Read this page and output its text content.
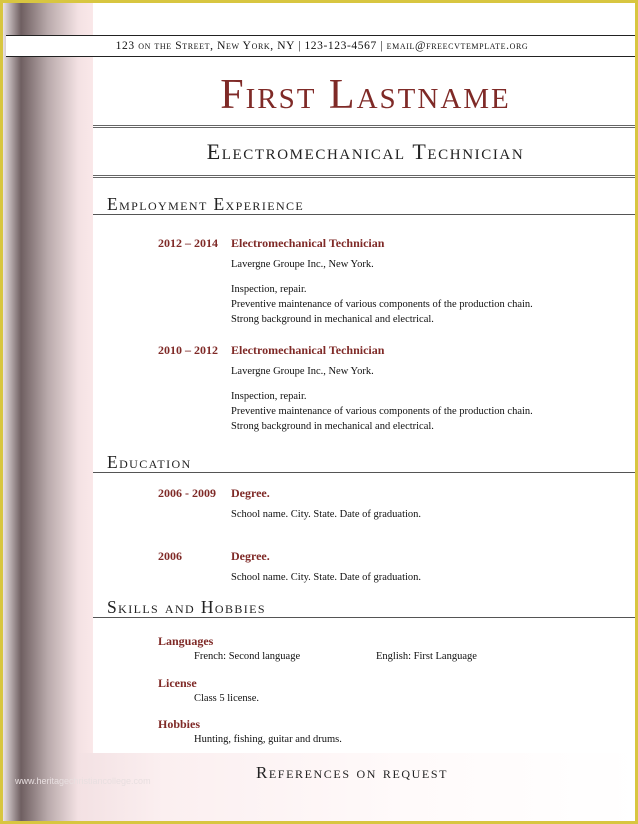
www.heritagechristiancollege.com
123 on the Street, New York, NY | 123-123-4567 | email@freecvtemplate.org
First Lastname
Electromechanical Technician
Employment Experience
2012 – 2014 Electromechanical Technician
Lavergne Groupe Inc., New York.
Inspection, repair.
Preventive maintenance of various components of the production chain.
Strong background in mechanical and electrical.
2010 – 2012 Electromechanical Technician
Lavergne Groupe Inc., New York.
Inspection, repair.
Preventive maintenance of various components of the production chain.
Strong background in mechanical and electrical.
Education
2006 - 2009 Degree.
School name. City. State. Date of graduation.
2006	Degree.
School name. City. State. Date of graduation.
Skills and Hobbies
Languages
French: Second language	English: First Language
License
Class 5 license.
Hobbies
Hunting, fishing, guitar and drums.
References on request
